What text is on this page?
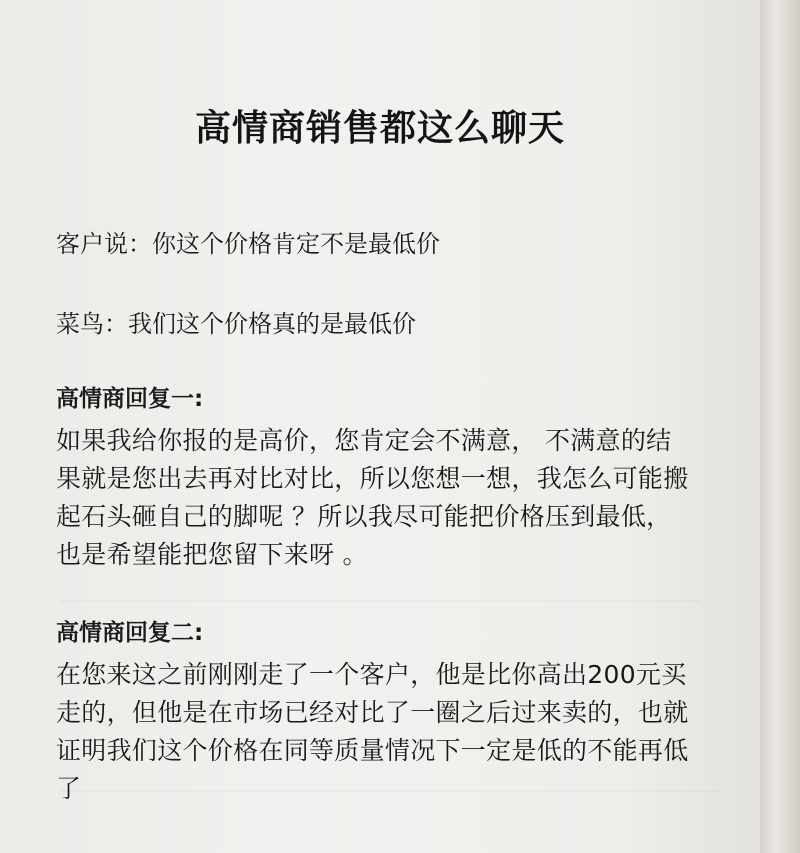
高情商销售都这么聊天
客户说：你这个价格肯定不是最低价
菜鸟：我们这个价格真的是最低价
高情商回复一:
如果我给你报的是高价，您肯定会不满意， 不满意的结
果就是您出去再对比对比，所以您想一想，我怎么可能搬
起石头砸自己的脚呢 ？所以我尽可能把价格压到最低，
也是希望能把您留下来呀 。
高情商回复二:
在您来这之前刚刚走了一个客户，他是比你高出200元买
走的，但他是在市场已经对比了一圈之后过来卖的，也就
证明我们这个价格在同等质量情况下一定是低的不能再低
了
